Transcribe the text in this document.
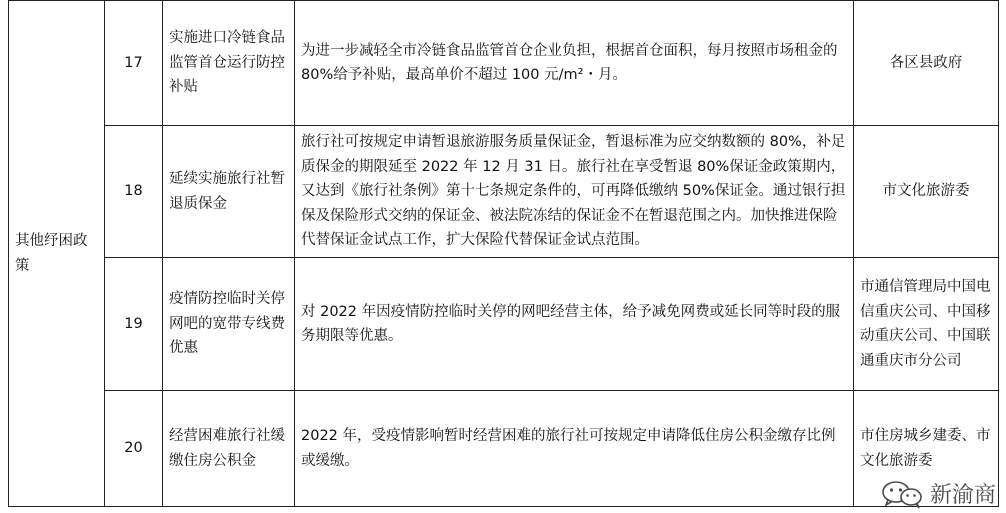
其他纾困政策	17	实施进口冷链食品监管首仓运行防控补贴	为进一步减轻全市冷链食品监管首仓企业负担，根据首仓面积，每月按照市场租金的 80%给予补贴，最高单价不超过 100 元/m²・月。	各区县政府
	18	延续实施旅行社暂退质保金	旅行社可按规定申请暂退旅游服务质量保证金，暂退标准为应交纳数额的 80%，补足质保金的期限延至 2022 年 12 月 31 日。旅行社在享受暂退 80%保证金政策期内，又达到《旅行社条例》第十七条规定条件的，可再降低缴纳 50%保证金。通过银行担保及保险形式交纳的保证金、被法院冻结的保证金不在暂退范围之内。加快推进保险代替保证金试点工作，扩大保险代替保证金试点范围。	市文化旅游委
	19	疫情防控临时关停网吧的宽带专线费优惠	对 2022 年因疫情防控临时关停的网吧经营主体，给予减免网费或延长同等时段的服务期限等优惠。	市通信管理局中国电信重庆公司、中国移动重庆公司、中国联通重庆市分公司
	20	经营困难旅行社缓缴住房公积金	2022 年，受疫情影响暂时经营困难的旅行社可按规定申请降低住房公积金缴存比例或缓缴。	市住房城乡建委、市文化旅游委
新渝商
